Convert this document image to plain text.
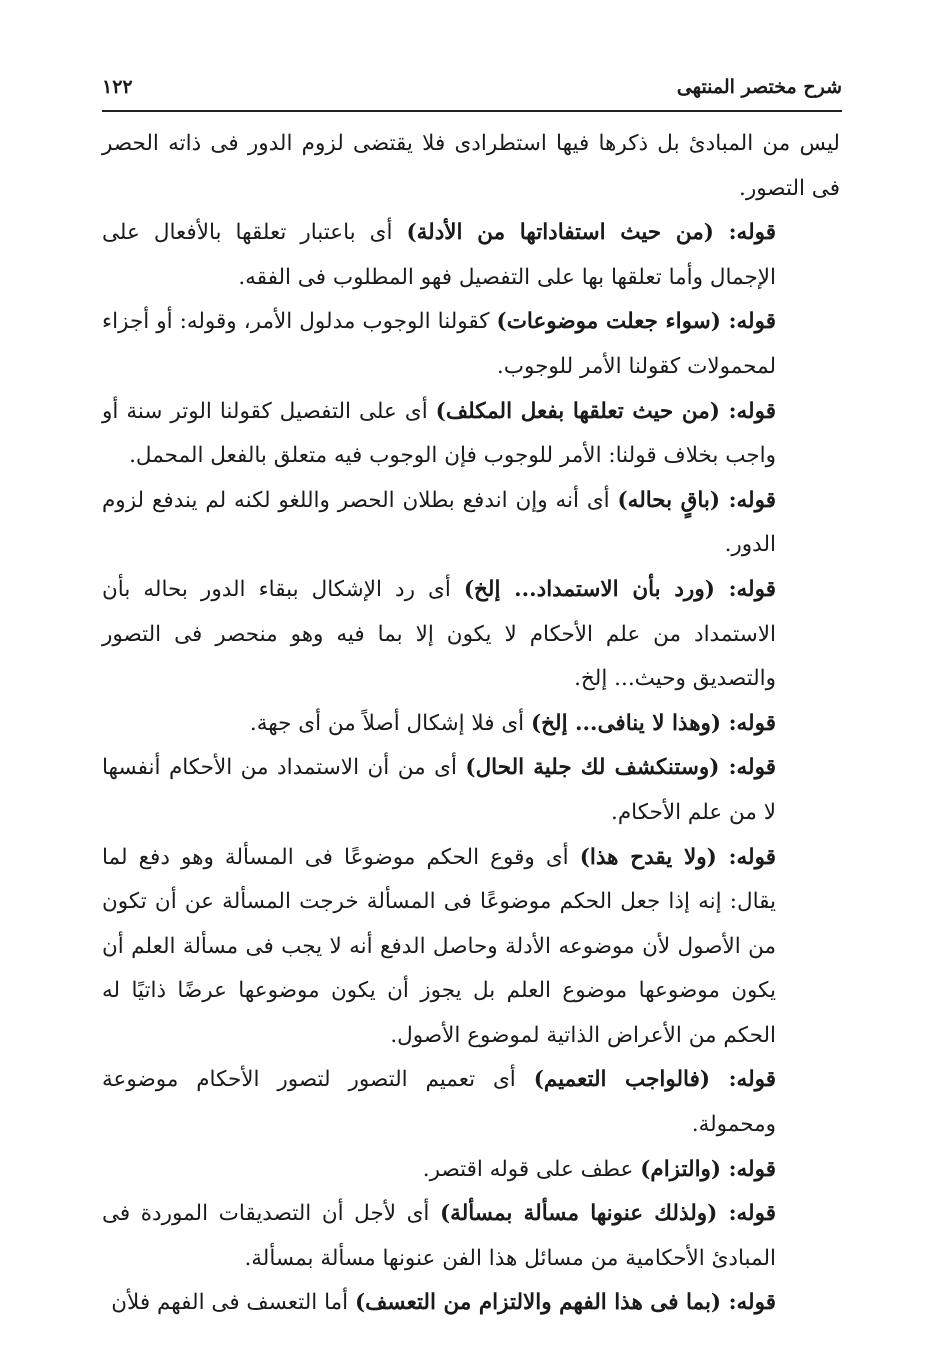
شرح مختصر المنتهى
١٢٢

ليس من المبادئ بل ذكرها فيها استطرادى فلا يقتضى لزوم الدور فى ذاته الحصر فى التصور.

قوله: (من حيث استفاداتها من الأدلة) أى باعتبار تعلقها بالأفعال على الإجمال وأما تعلقها بها على التفصيل فهو المطلوب فى الفقه.

قوله: (سواء جعلت موضوعات) كقولنا الوجوب مدلول الأمر، وقوله: أو أجزاء لمحمولات كقولنا الأمر للوجوب.

قوله: (من حيث تعلقها بفعل المكلف) أى على التفصيل كقولنا الوتر سنة أو واجب بخلاف قولنا: الأمر للوجوب فإن الوجوب فيه متعلق بالفعل المحمل.

قوله: (باقٍ بحاله) أى أنه وإن اندفع بطلان الحصر واللغو لكنه لم يندفع لزوم الدور.

قوله: (ورد بأن الاستمداد... إلخ) أى رد الإشكال ببقاء الدور بحاله بأن الاستمداد من علم الأحكام لا يكون إلا بما فيه وهو منحصر فى التصور والتصديق وحيث... إلخ.

قوله: (وهذا لا ينافى... إلخ) أى فلا إشكال أصلاً من أى جهة.

قوله: (وستنكشف لك جلية الحال) أى من أن الاستمداد من الأحكام أنفسها لا من علم الأحكام.

قوله: (ولا يقدح هذا) أى وقوع الحكم موضوعًا فى المسألة وهو دفع لما يقال: إنه إذا جعل الحكم موضوعًا فى المسألة خرجت المسألة عن أن تكون من الأصول لأن موضوعه الأدلة وحاصل الدفع أنه لا يجب فى مسألة العلم أن يكون موضوعها موضوع العلم بل يجوز أن يكون موضوعها عرضًا ذاتيًا له الحكم من الأعراض الذاتية لموضوع الأصول.

قوله: (فالواجب التعميم) أى تعميم التصور لتصور الأحكام موضوعة ومحمولة.

قوله: (والتزام) عطف على قوله اقتصر.

قوله: (ولذلك عنونها مسألة بمسألة) أى لأجل أن التصديقات الموردة فى المبادئ الأحكامية من مسائل هذا الفن عنونها مسألة بمسألة.

قوله: (بما فى هذا الفهم والالتزام من التعسف) أما التعسف فى الفهم فلأن
